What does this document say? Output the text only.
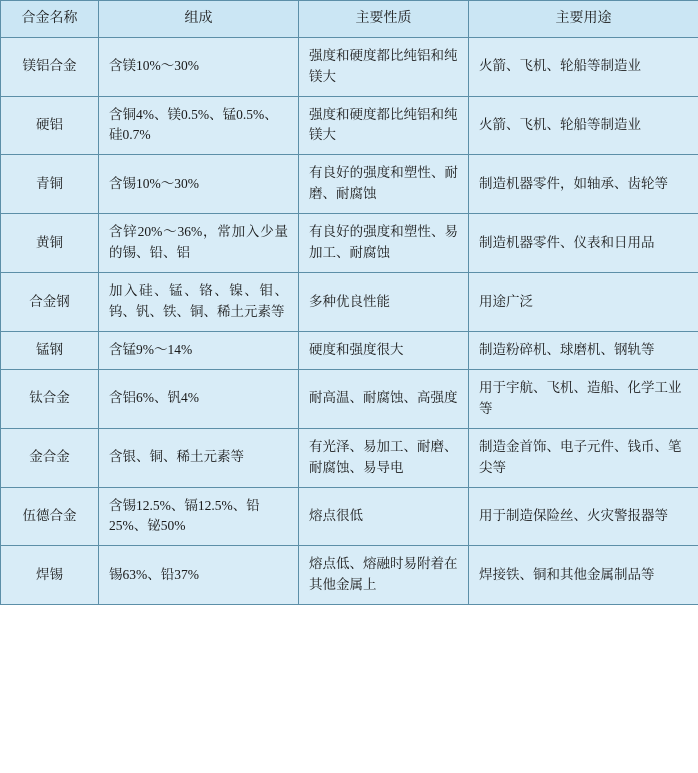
合金名称	组成	主要性质	主要用途
镁铝合金	含镁10%～30%	强度和硬度都比纯铝和纯镁大	火箭、飞机、轮船等制造业
硬铝	含铜4%、镁0.5%、锰0.5%、硅0.7%	强度和硬度都比纯铝和纯镁大	火箭、飞机、轮船等制造业
青铜	含锡10%～30%	有良好的强度和塑性、耐磨、耐腐蚀	制造机器零件，如轴承、齿轮等
黄铜	含锌20%～36%，常加入少量的锡、铅、铝	有良好的强度和塑性、易加工、耐腐蚀	制造机器零件、仪表和日用品
合金钢	加入硅、锰、铬、镍、钼、钨、钒、铁、铜、稀土元素等	多种优良性能	用途广泛
锰钢	含锰9%～14%	硬度和强度很大	制造粉碎机、球磨机、钢轨等
钛合金	含铝6%、钒4%	耐高温、耐腐蚀、高强度	用于宇航、飞机、造船、化学工业等
金合金	含银、铜、稀土元素等	有光泽、易加工、耐磨、耐腐蚀、易导电	制造金首饰、电子元件、钱币、笔尖等
伍德合金	含锡12.5%、镉12.5%、铅25%、铋50%	熔点很低	用于制造保险丝、火灾警报器等
焊锡	锡63%、铅37%	熔点低、熔融时易附着在其他金属上	焊接铁、铜和其他金属制品等
